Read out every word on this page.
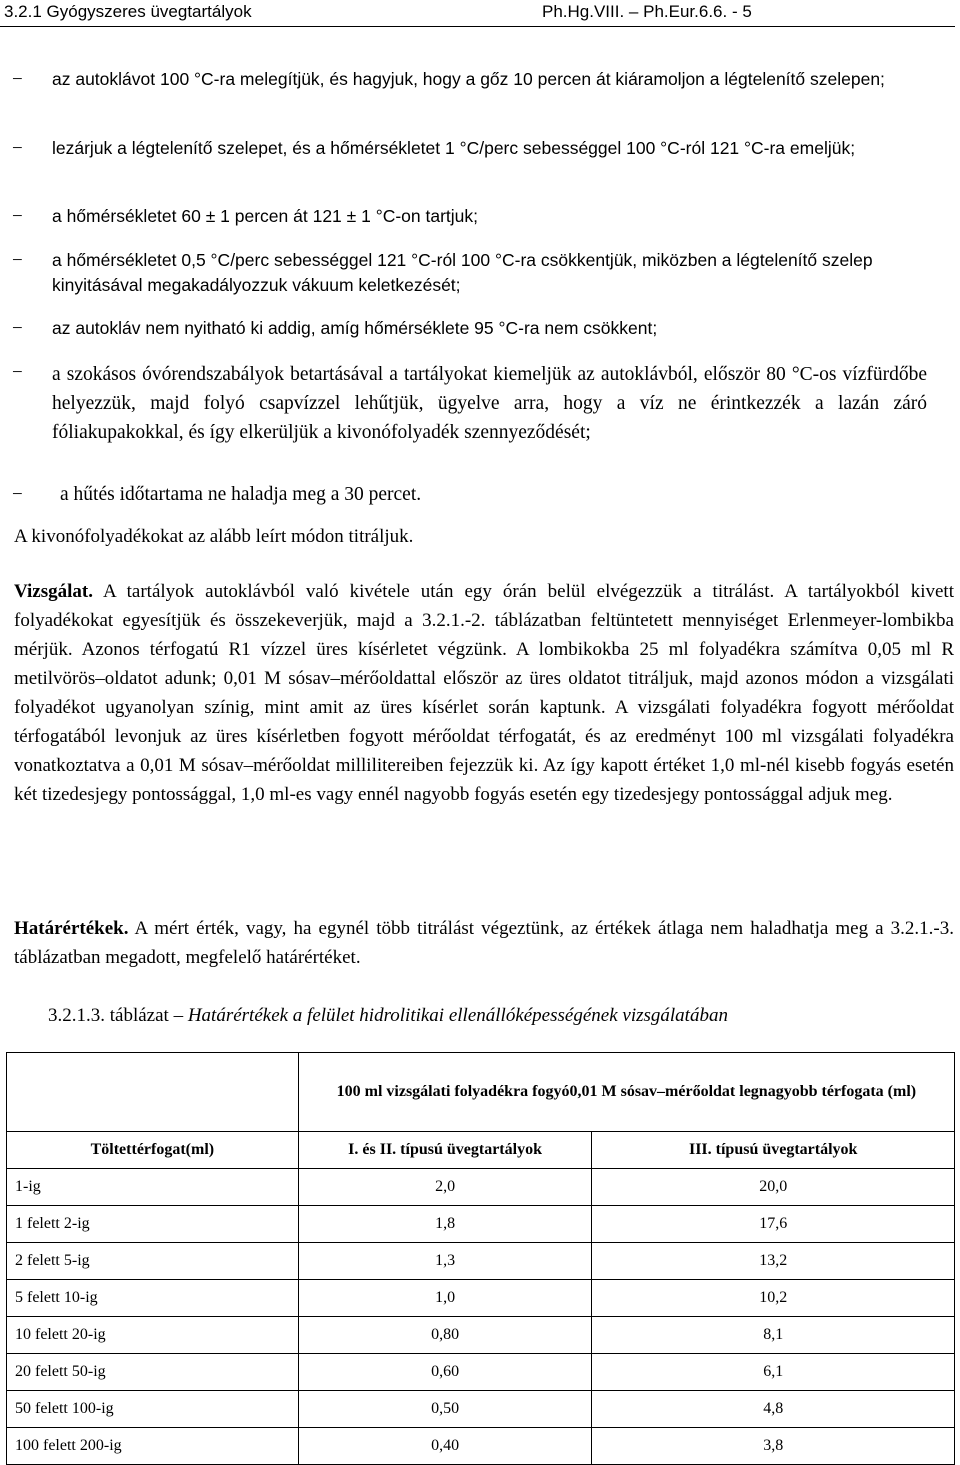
3.2.1 Gyógyszeres üvegtartályok	Ph.Hg.VIII. – Ph.Eur.6.6. - 5
− az autoklávot 100 °C-ra melegítjük, és hagyjuk, hogy a gőz 10 percen át kiáramoljon a légtelenítő szelepen;
− lezárjuk a légtelenítő szelepet, és a hőmérsékletet 1 °C/perc sebességgel 100 °C-ról 121 °C-ra emeljük;
− a hőmérsékletet 60 ± 1 percen át 121 ± 1 °C-on tartjuk;
− a hőmérsékletet 0,5 °C/perc sebességgel 121 °C-ról 100 °C-ra csökkentjük, miközben a légtelenítő szelep kinyitásával megakadályozzuk vákuum keletkezését;
− az autokláv nem nyitható ki addig, amíg hőmérséklete 95 °C-ra nem csökkent;
− a szokásos óvórendszabályok betartásával a tartályokat kiemeljük az autoklávból, először 80 °C-os vízfürdőbe helyezzük, majd folyó csapvízzel lehűtjük, ügyelve arra, hogy a víz ne érintkezzék a lazán záró fóliakupakokkal, és így elkerüljük a kivonófolyadék szennyeződését;
− a hűtés időtartama ne haladja meg a 30 percet.
A kivonófolyadékokat az alább leírt módon titráljuk.
Vizsgálat. A tartályok autoklávból való kivétele után egy órán belül elvégezzük a titrálást. A tartályokból kivett folyadékokat egyesítjük és összekeverjük, majd a 3.2.1.-2. táblázatban feltüntetett mennyiséget Erlenmeyer-lombikba mérjük. Azonos térfogatú R1 vízzel üres kísérletet végzünk. A lombikokba 25 ml folyadékra számítva 0,05 ml R metilvörös–oldatot adunk; 0,01 M sósav–mérőoldattal először az üres oldatot titráljuk, majd azonos módon a vizsgálati folyadékot ugyanolyan színig, mint amit az üres kísérlet során kaptunk. A vizsgálati folyadékra fogyott mérőoldat térfogatából levonjuk az üres kísérletben fogyott mérőoldat térfogatát, és az eredményt 100 ml vizsgálati folyadékra vonatkoztatva a 0,01 M sósav–mérőoldat millilitereiben fejezzük ki. Az így kapott értéket 1,0 ml-nél kisebb fogyás esetén két tizedesjegy pontossággal, 1,0 ml-es vagy ennél nagyobb fogyás esetén egy tizedesjegy pontossággal adjuk meg.
Határértékek. A mért érték, vagy, ha egynél több titrálást végeztünk, az értékek átlaga nem haladhatja meg a 3.2.1.-3. táblázatban megadott, megfelelő határértéket.
3.2.1.3. táblázat – Határértékek a felület hidrolitikai ellenállóképességének vizsgálatában
	100 ml vizsgálati folyadékra fogyó0,01 M sósav–mérőoldat legnagyobb térfogata (ml)	
Töltettérfogat(ml)	I. és II. típusú üvegtartályok	III. típusú üvegtartályok
1-ig	2,0	20,0
1 felett 2-ig	1,8	17,6
2 felett 5-ig	1,3	13,2
5 felett 10-ig	1,0	10,2
10 felett 20-ig	0,80	8,1
20 felett 50-ig	0,60	6,1
50 felett 100-ig	0,50	4,8
100 felett 200-ig	0,40	3,8
